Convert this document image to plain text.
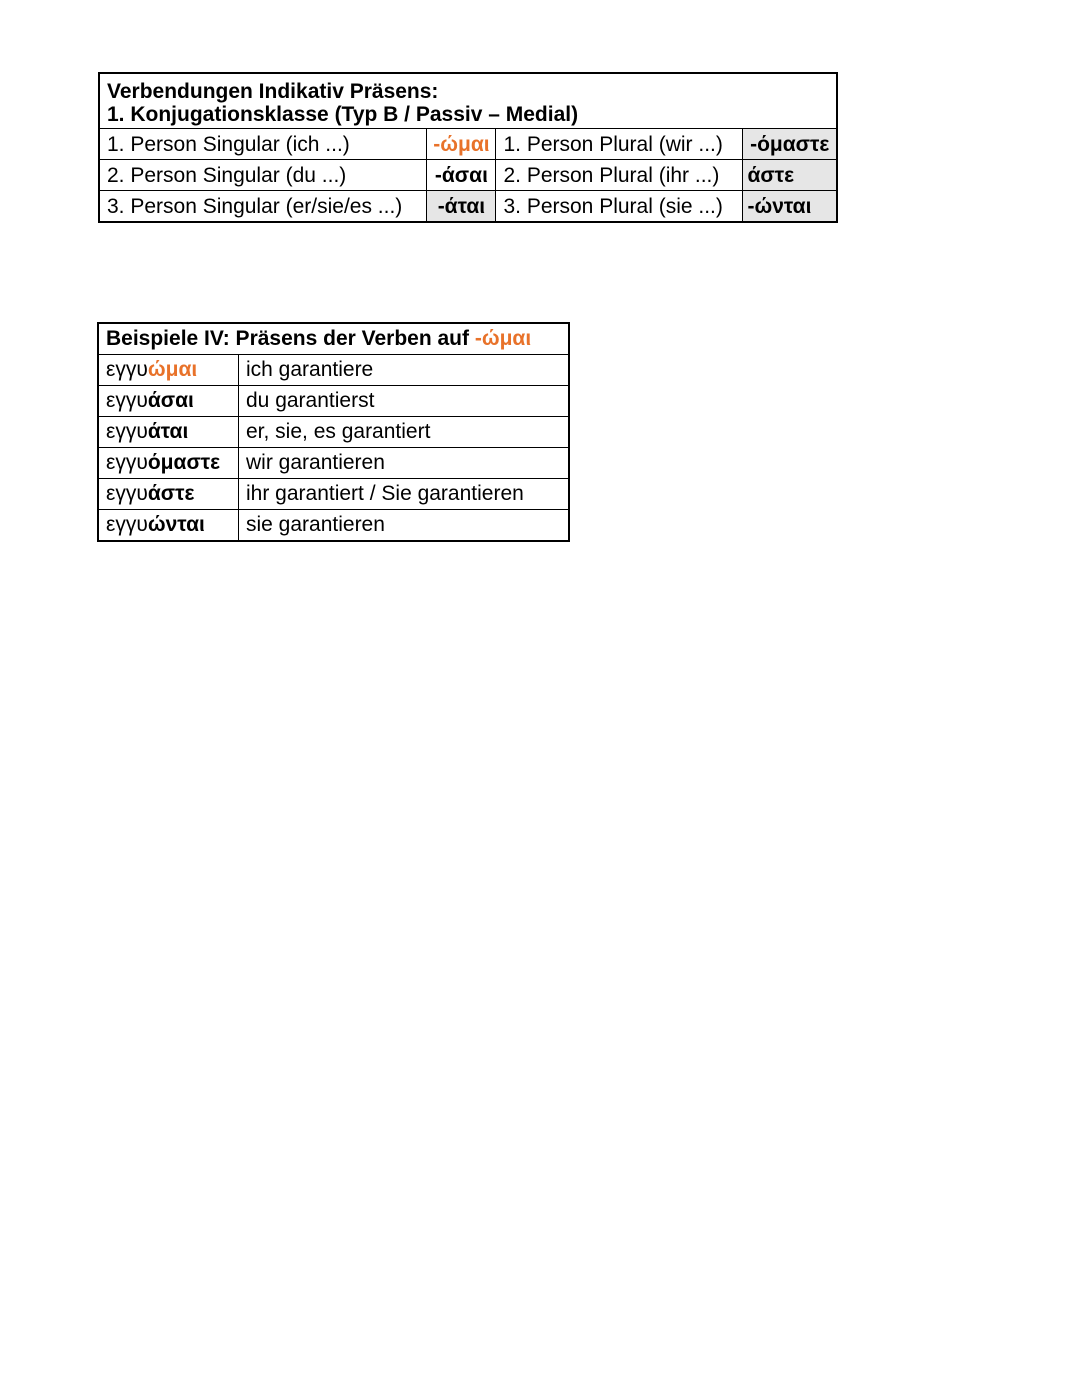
Verbendungen Indikativ Präsens:
1. Konjugationsklasse (Typ B / Passiv – Medial)			

1. Person Singular (ich ...)	-ώμαι	1. Person Plural (wir ...)	-όμαστε
2. Person Singular (du ...)	-άσαι	2. Person Plural (ihr ...)	άστε
3. Person Singular (er/sie/es ...)	-άται	3. Person Plural (sie ...)	-ώνται
Beispiele IV: Präsens der Verben auf -ώμαι	
εγγυώμαι	ich garantiere
εγγυάσαι	du garantierst
εγγυάται	er, sie, es garantiert
εγγυόμαστε	wir garantieren
εγγυάστε	ihr garantiert / Sie garantieren
εγγυώνται	sie garantieren
